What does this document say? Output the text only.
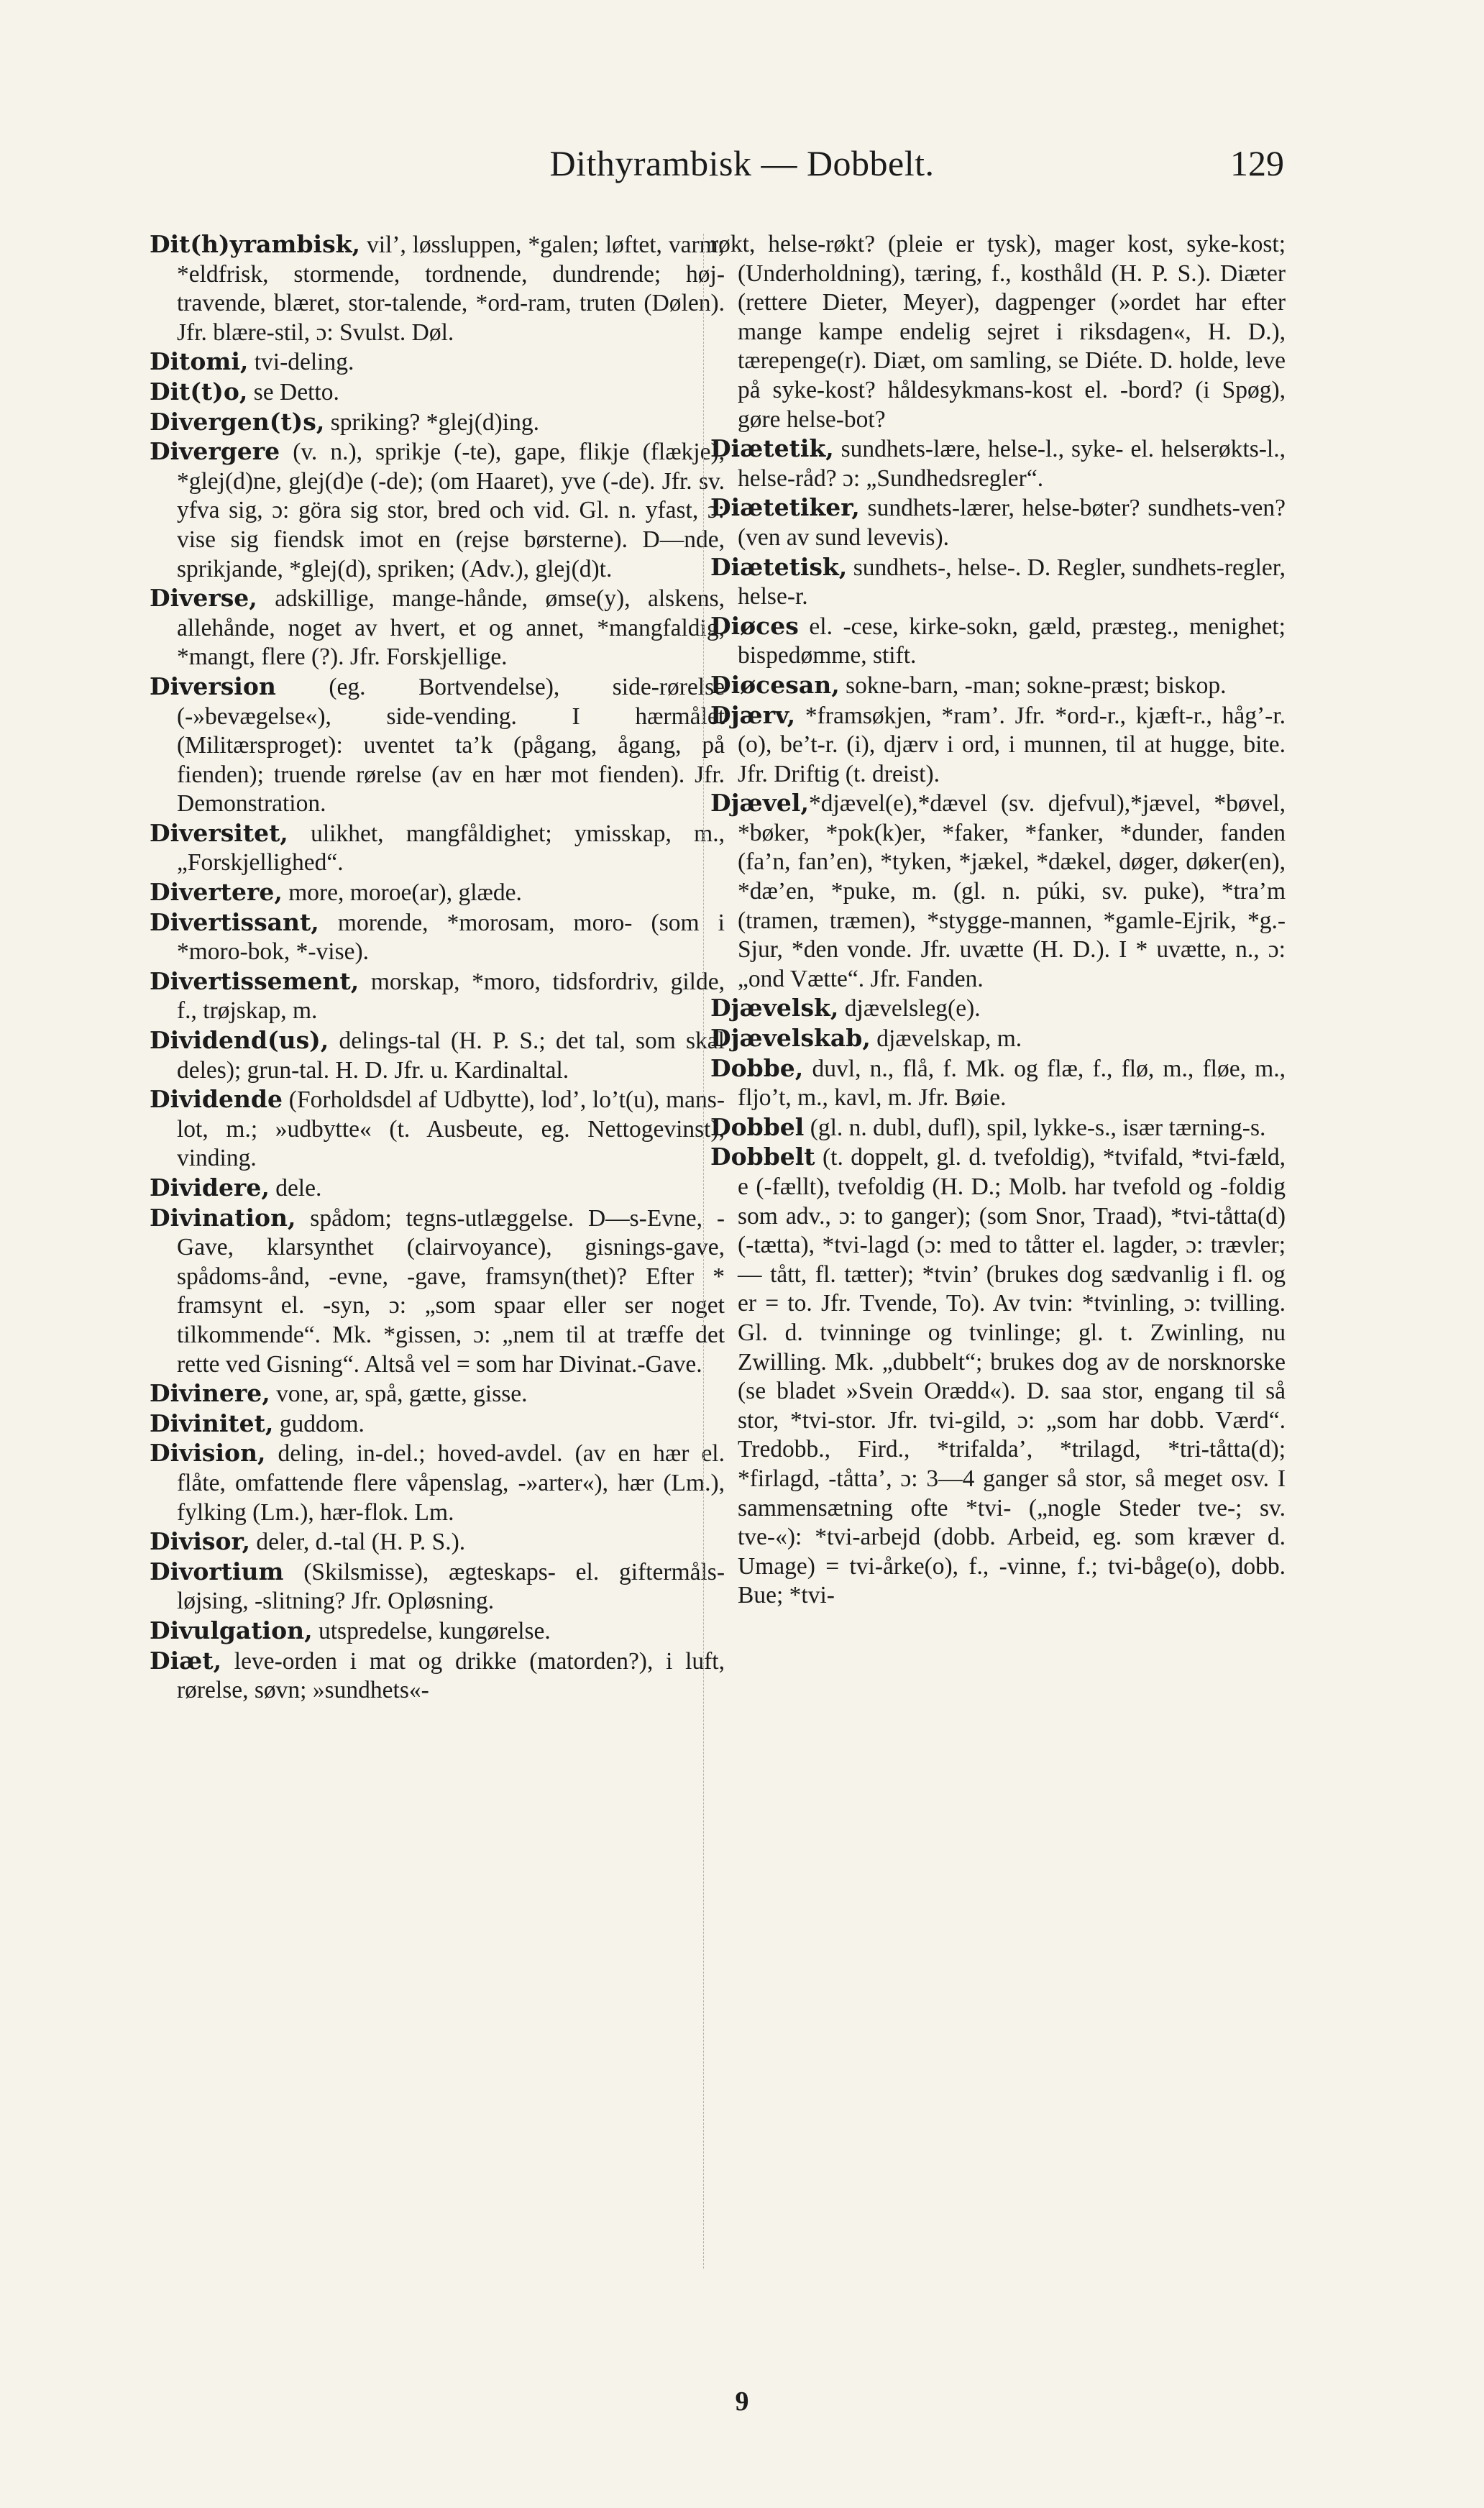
Dithyrambisk — Dobbelt.	129

Dit(h)yrambisk, vil’, løssluppen, *galen; løftet, varm; *eldfrisk, stormende, tordnende, dundrende; høj-travende, blæret, stor-talende, *ord-ram, truten (Dølen). Jfr. blære-stil, ɔ: Svulst. Døl.

Ditomi, tvi-deling.

Dit(t)o, se Detto.

Divergen(t)s, spriking? *glej(d)ing.

Divergere (v. n.), sprikje (-te), gape, flikje (flækje), *glej(d)ne, glej(d)e (-de); (om Haaret), yve (-de). Jfr. sv. yfva sig, ɔ: göra sig stor, bred och vid. Gl. n. yfast, ɔ: vise sig fiendsk imot en (rejse børsterne). D—nde, sprikjande, *glej(d), spriken; (Adv.), glej(d)t.

Diverse, adskillige, mange-hånde, ømse(y), alskens, allehånde, noget av hvert, et og annet, *mangfaldig, *mangt, flere (?). Jfr. Forskjellige.

Diversion (eg. Bortvendelse), side-rørelse (-»bevægelse«), side-vending. I hærmålet (Militærsproget): uventet ta’k (pågang, ågang, på fienden); truende rørelse (av en hær mot fienden). Jfr. Demonstration.

Diversitet, ulikhet, mangfåldighet; ymisskap, m., „Forskjellighed“.

Divertere, more, moroe(ar), glæde.

Divertissant, morende, *morosam, moro- (som i *moro-bok, *-vise).

Divertissement, morskap, *moro, tidsfordriv, gilde, f., trøjskap, m.

Dividend(us), delings-tal (H. P. S.; det tal, som skal deles); grun-tal. H. D. Jfr. u. Kardinaltal.

Dividende (Forholdsdel af Udbytte), lod’, lo’t(u), mans-lot, m.; »udbytte« (t. Ausbeute, eg. Nettogevinst), vinding.

Dividere, dele.

Divination, spådom; tegns-utlæggelse. D—s-Evne, -Gave, klarsynthet (clairvoyance), gisnings-gave, spådoms-ånd, -evne, -gave, framsyn(thet)? Efter * framsynt el. -syn, ɔ: „som spaar eller ser noget tilkommende“. Mk. *gissen, ɔ: „nem til at træffe det rette ved Gisning“. Altså vel = som har Divinat.-Gave.

Divinere, vone, ar, spå, gætte, gisse.

Divinitet, guddom.

Division, deling, in-del.; hoved-avdel. (av en hær el. flåte, omfattende flere våpenslag, -»arter«), hær (Lm.), fylking (Lm.), hær-flok. Lm.

Divisor, deler, d.-tal (H. P. S.).

Divortium (Skilsmisse), ægteskaps- el. giftermåls-løjsing, -slitning? Jfr. Opløsning.

Divulgation, utspredelse, kungørelse.

Diæt, leve-orden i mat og drikke (matorden?), i luft, rørelse, søvn; »sundhets«-

røkt, helse-røkt? (pleie er tysk), mager kost, syke-kost; (Underholdning), tæring, f., kosthåld (H. P. S.). Diæter (rettere Dieter, Meyer), dagpenger (»ordet har efter mange kampe endelig sejret i riksdagen«, H. D.), tærepenge(r). Diæt, om samling, se Diéte. D. holde, leve på syke-kost? håldesykmans-kost el. -bord? (i Spøg), gøre helse-bot?

Diætetik, sundhets-lære, helse-l., syke- el. helserøkts-l., helse-råd? ɔ: „Sundhedsregler“.

Diætetiker, sundhets-lærer, helse-bøter? sundhets-ven? (ven av sund levevis).

Diætetisk, sundhets-, helse-. D. Regler, sundhets-regler, helse-r.

Diøces el. -cese, kirke-sokn, gæld, præsteg., menighet; bispedømme, stift.

Diøcesan, sokne-barn, -man; sokne-præst; biskop.

Djærv, *framsøkjen, *ram’. Jfr. *ord-r., kjæft-r., håg’-r. (o), be’t-r. (i), djærv i ord, i munnen, til at hugge, bite. Jfr. Driftig (t. dreist).

Djævel,*djævel(e),*dævel (sv. djefvul),*jævel, *bøvel, *bøker, *pok(k)er, *faker, *fanker, *dunder, fanden (fa’n, fan’en), *tyken, *jækel, *dækel, døger, døker(en), *dæ’en, *puke, m. (gl. n. púki, sv. puke), *tra’m (tramen, træmen), *stygge-mannen, *gamle-Ejrik, *g.-Sjur, *den vonde. Jfr. uvætte (H. D.). I * uvætte, n., ɔ: „ond Vætte“. Jfr. Fanden.

Djævelsk, djævelsleg(e).

Djævelskab, djævelskap, m.

Dobbe, duvl, n., flå, f. Mk. og flæ, f., flø, m., fløe, m., fljo’t, m., kavl, m. Jfr. Bøie.

Dobbel (gl. n. dubl, dufl), spil, lykke-s., især tærning-s.

Dobbelt (t. doppelt, gl. d. tvefoldig), *tvifald, *tvi-fæld, e (-fællt), tvefoldig (H. D.; Molb. har tvefold og -foldig som adv., ɔ: to ganger); (som Snor, Traad), *tvi-tåtta(d) (-tætta), *tvi-lagd (ɔ: med to tåtter el. lagder, ɔ: trævler; — tått, fl. tætter); *tvin’ (brukes dog sædvanlig i fl. og er = to. Jfr. Tvende, To). Av tvin: *tvinling, ɔ: tvilling. Gl. d. tvinninge og tvinlinge; gl. t. Zwinling, nu Zwilling. Mk. „dubbelt“; brukes dog av de norsknorske (se bladet »Svein Orædd«). D. saa stor, engang til så stor, *tvi-stor. Jfr. tvi-gild, ɔ: „som har dobb. Værd“. Tredobb., Fird., *trifalda’, *trilagd, *tri-tåtta(d); *firlagd, -tåtta’, ɔ: 3—4 ganger så stor, så meget osv. I sammensætning ofte *tvi- („nogle Steder tve-; sv. tve-«): *tvi-arbejd (dobb. Arbeid, eg. som kræver d. Umage) = tvi-årke(o), f., -vinne, f.; tvi-båge(o), dobb. Bue; *tvi-

9
